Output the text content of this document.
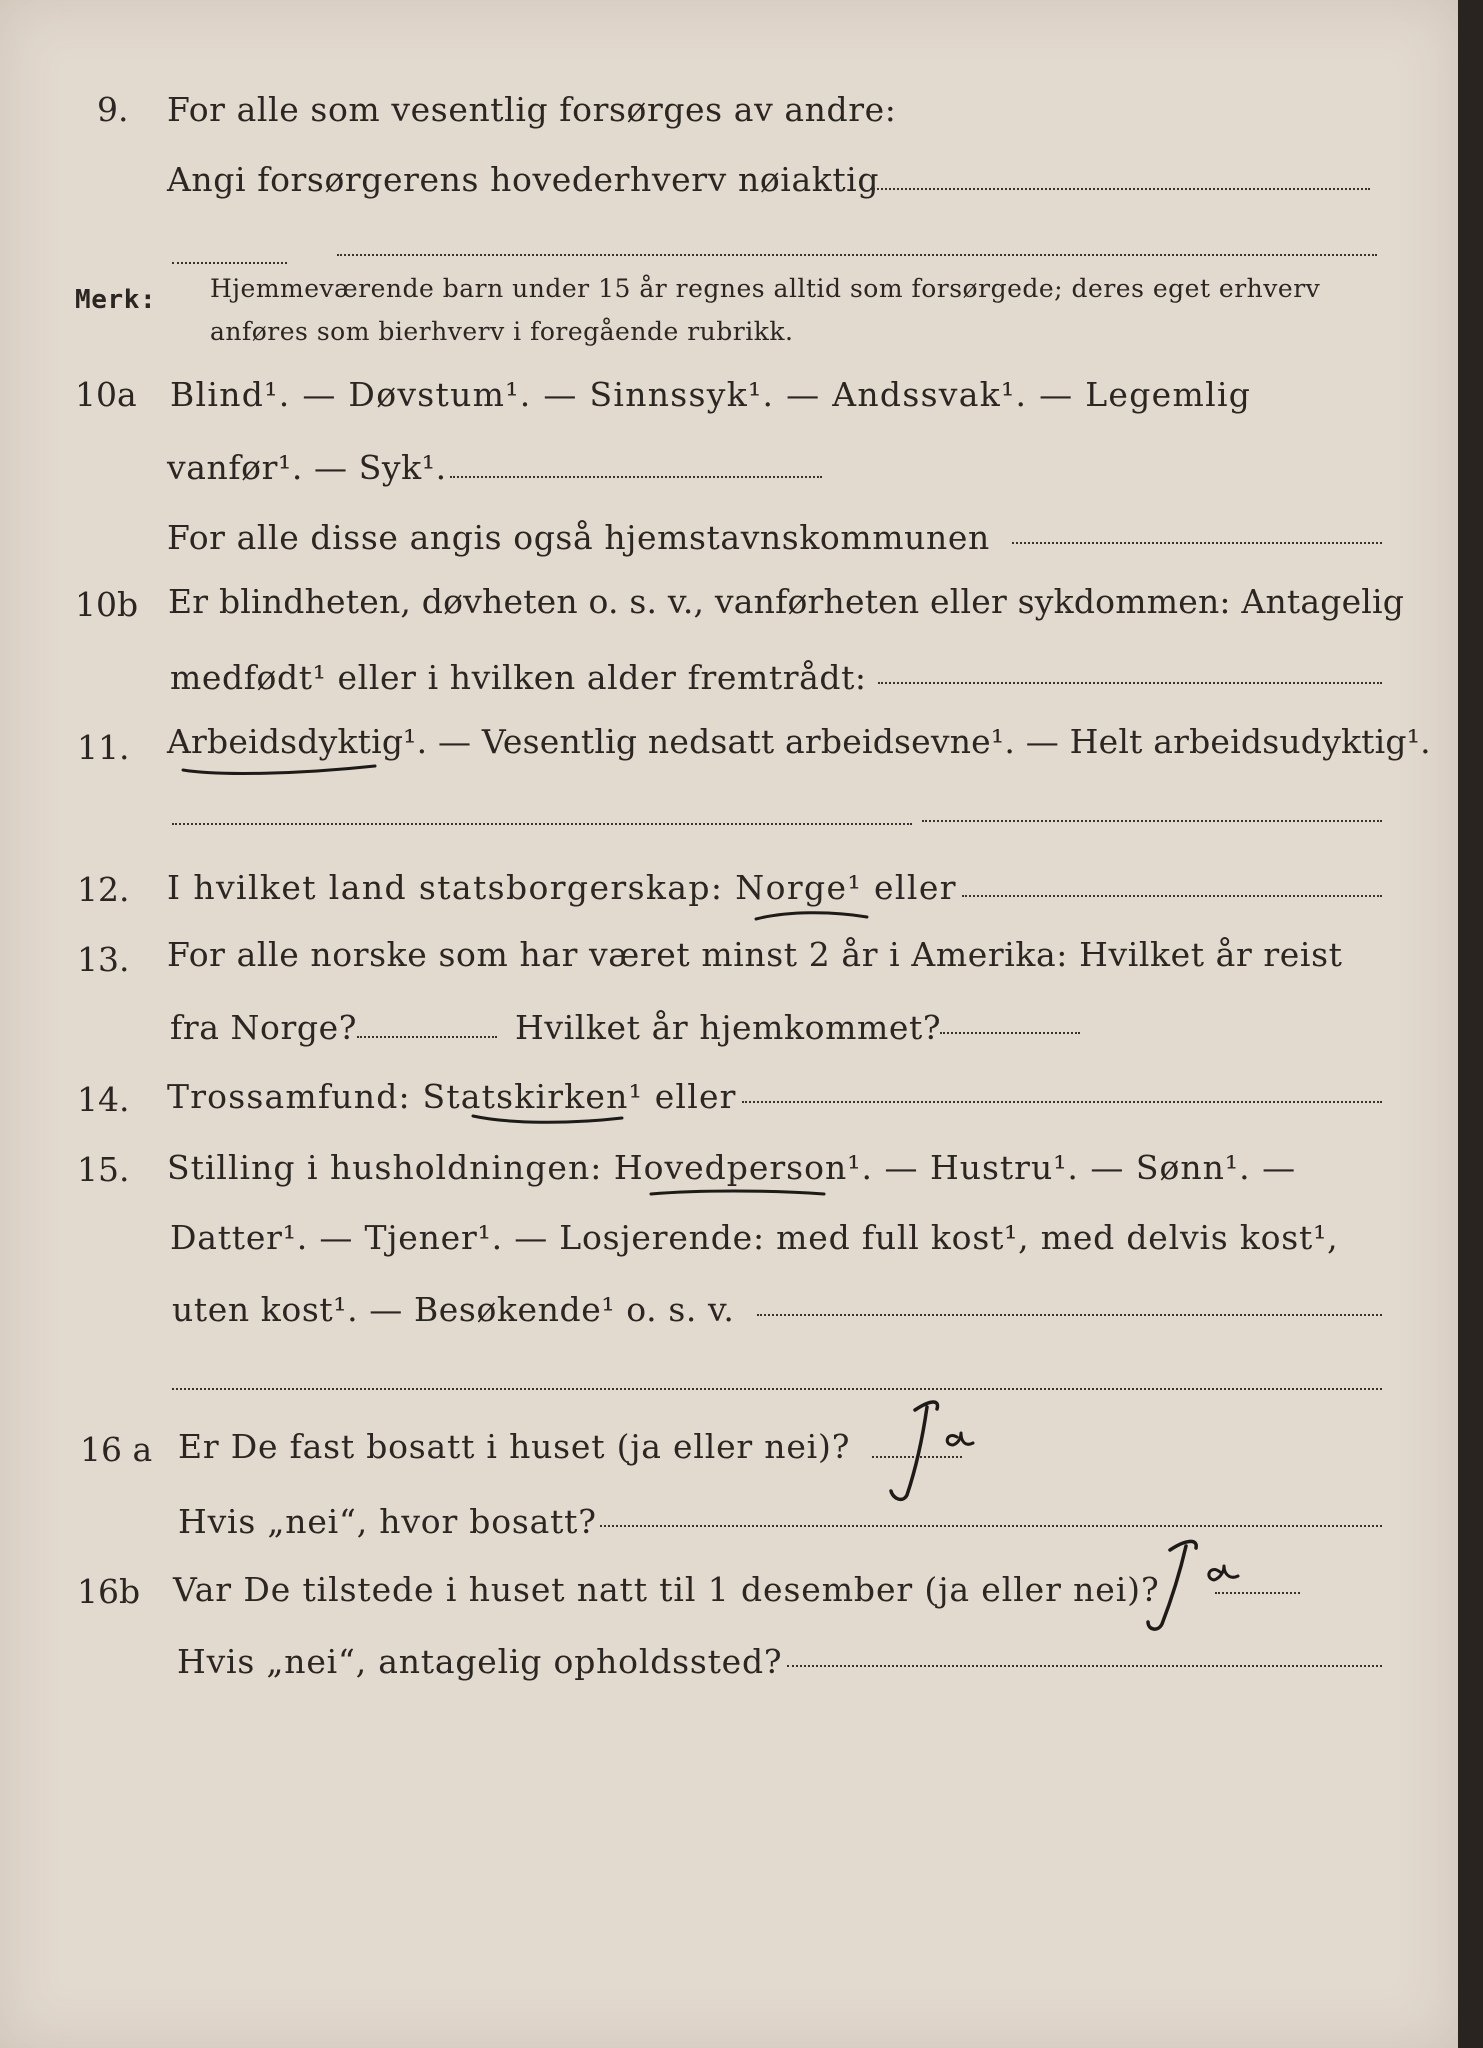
9. For alle som vesentlig forsørges av andre:
Angi forsørgerens hovederhverv nøiaktig
Merk: Hjemmeværende barn under 15 år regnes alltid som forsørgede; deres eget erhverv
anføres som bierhverv i foregående rubrikk.
10a Blind¹. — Døvstum¹. — Sinnssyk¹. — Andssvak¹. — Legemlig
vanfør¹. — Syk¹.
For alle disse angis også hjemstavnskommunen
10b Er blindheten, døvheten o. s. v., vanførheten eller sykdommen: Antagelig
medfødt¹ eller i hvilken alder fremtrådt:
11. Arbeidsdyktig¹. — Vesentlig nedsatt arbeidsevne¹. — Helt arbeidsudyktig¹.
12. I hvilket land statsborgerskap: Norge¹ eller
13. For alle norske som har været minst 2 år i Amerika: Hvilket år reist
fra Norge?	Hvilket år hjemkommet?
14. Trossamfund: Statskirken¹ eller
15. Stilling i husholdningen: Hovedperson¹. — Hustru¹. — Sønn¹. —
Datter¹. — Tjener¹. — Losjerende: med full kost¹, med delvis kost¹,
uten kost¹. — Besøkende¹ o. s. v.
16 a Er De fast bosatt i huset (ja eller nei)?
Hvis „nei“, hvor bosatt?
16b Var De tilstede i huset natt til 1 desember (ja eller nei)?
Hvis „nei“, antagelig opholdssted?
